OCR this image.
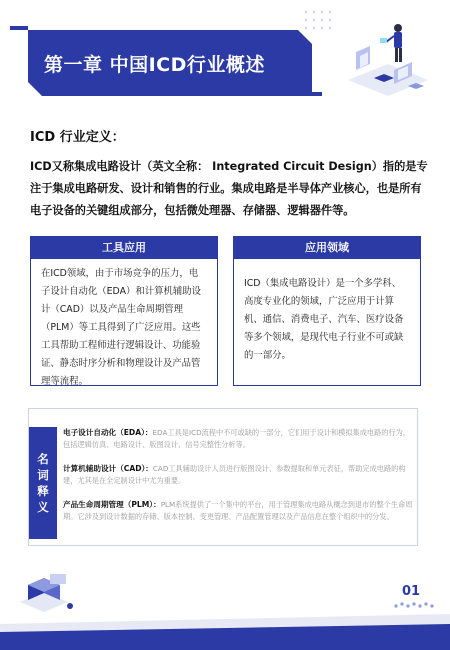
第一章 中国ICD行业概述
ICD 行业定义：
ICD又称集成电路设计（英文全称： Integrated Circuit Design）指的是专注于集成电路研发、设计和销售的行业。集成电路是半导体产业核心，也是所有电子设备的关键组成部分，包括微处理器、存储器、逻辑器件等。
工具应用
在ICD领域，由于市场竞争的压力，电子设计自动化（EDA）和计算机辅助设计（CAD）以及产品生命周期管理（PLM）等工具得到了广泛应用。这些工具帮助工程师进行逻辑设计、功能验证、静态时序分析和物理设计及产品管理等流程。
应用领域
ICD（集成电路设计）是一个多学科、高度专业化的领域，广泛应用于计算机、通信、消费电子、汽车、医疗设备等多个领域，是现代电子行业不可或缺的一部分。
名
词
释
义
电子设计自动化（EDA）：EDA工具是ICD流程中不可或缺的一部分，它们用于设计和模拟集成电路的行为，包括逻辑仿真、电路设计、版图设计、信号完整性分析等。
计算机辅助设计（CAD）：CAD工具辅助设计人员进行版图设计、参数提取和单元表征，帮助完成电路的构建，尤其是在全定制设计中尤为重要。
产品生命周期管理（PLM）：PLM系统提供了一个集中的平台，用于管理集成电路从概念到退市的整个生命周期。它涉及到设计数据的存储、版本控制、变更管理、产品配置管理以及产品信息在整个组织中的分发。
01
